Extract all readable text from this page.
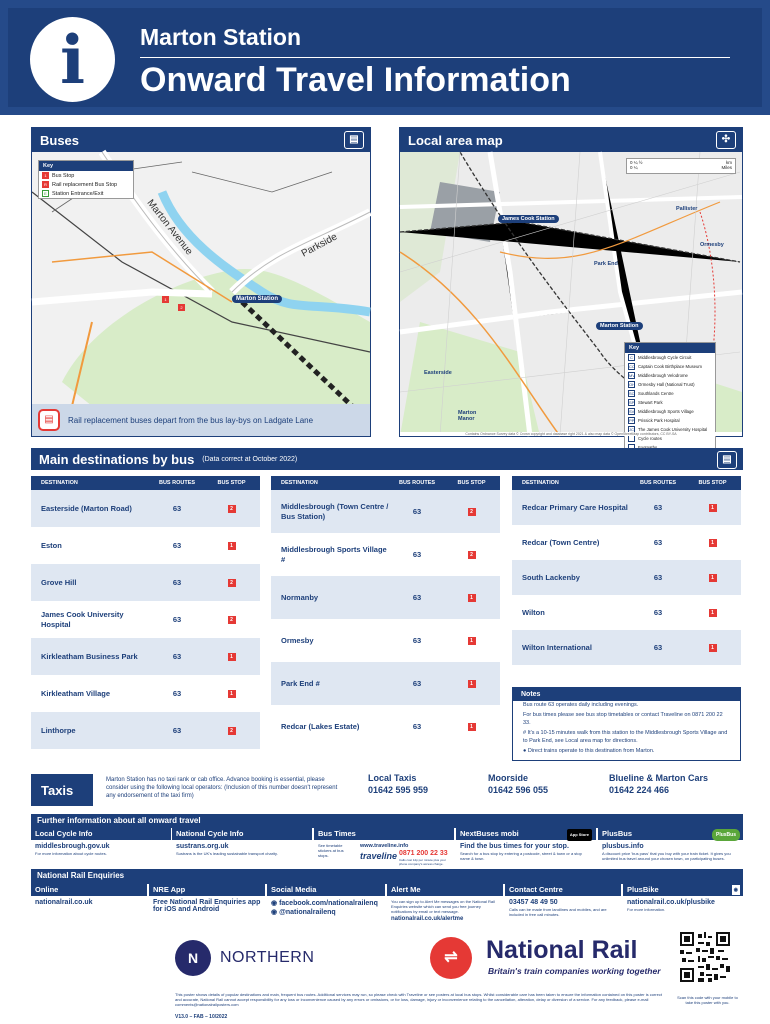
i	Marton Station
Onward Travel Information
Buses	▤
Key
1 Bus Stop
R Rail replacement Bus Stop
E Station Entrance/Exit
Marton Avenue	Parkside
Marton Station
1
2
▤	Rail replacement buses depart from the bus lay-bys on Ladgate Lane
Local area map	✣
0 ¼ ½	km
0 ¼	Miles
James Cook Station
Pallister
Ormesby
Park End
Marton Station
Easterside
Marton Manor
Key
C	Middlesbrough Cycle Circuit
CC Captain Cook Birthplace Museum
MV Middlesbrough Velodrome
OH Ormesby Hall (National Trust)
SC Southlands Centre
SP Stewart Park
SV Middlesbrough Sports Village
PP Prissick Park Hospital
JC The James Cook University Hospital
Cycle routes
Contains Ordnance Survey data © Crown copyright and database right 2021 & also map data © OpenStreetMap contributors, CC BY-SA
Main destinations by bus (Data correct at October 2022)	▤
DESTINATION	BUS ROUTES	BUS STOP
Easterside (Marton Road)	63	2
Eston	63	1
Grove Hill	63	2
James Cook University Hospital	63	2
Kirkleatham Business Park	63	1
Kirkleatham Village	63	1
Linthorpe	63	2
DESTINATION	BUS ROUTES	BUS STOP
Middlesbrough (Town Centre / Bus Station)	63	2
Middlesbrough Sports Village #	63	2
Normanby	63	1
Ormesby	63	1
Park End #	63	1
Redcar (Lakes Estate)	63	1
DESTINATION	BUS ROUTES	BUS STOP
Redcar Primary Care Hospital	63	1
Redcar (Town Centre)	63	1
South Lackenby	63	1
Wilton	63	1
Wilton International	63	1
Notes

Bus route 63 operates daily including evenings.

For bus times please see bus stop timetables or contact Traveline on 0871 200 22 33.

# It's a 10-15 minutes walk from this station to the Middlesbrough Sports Village and to Park End, see Local area map for directions.

● Direct trains operate to this destination from Marton.

Taxis
Marton Station has no taxi rank or cab office. Advance booking is essential, please consider using the following local operators: (Inclusion of this number doesn't represent any endorsement of the taxi firm)
Local Taxis
01642 595 959
Moorside
01642 596 055
Blueline & Marton Cars
01642 224 466
Further information about all onward travel
Local Cycle Info
middlesbrough.gov.uk
For more information about cycle routes.
National Cycle Info
sustrans.org.uk
Sustrans is the UK's leading sustainable transport charity.
Bus Times
See timetable stickers at bus stops.
www.traveline.info
traveline 0871 200 22 33
Calls cost 12p per minute plus your phone company's access charge.
NextBuses mobi	App Store
Find the bus times for your stop.
Search for a bus stop by entering a postcode, street & town or a stop name & town.
PlusBus	PlusBus
plusbus.info
A discount price 'bus pass' that you buy with your train ticket. It gives you unlimited bus travel around your chosen town, on participating buses.
National Rail Enquiries
Online
nationalrail.co.uk
NRE App
Free National Rail Enquiries app for iOS and Android
Social Media
◉ facebook.com/nationalrailenq
◉ @nationalrailenq
Alert Me
You can sign up to Alert Me messages on the National Rail Enquiries website which can send you free journey notifications by email or text message.
nationalrail.co.uk/alertme
Contact Centre
03457 48 49 50
Calls can be made from landlines and mobiles, and are included in free call minutes.
PlusBike	◉
nationalrail.co.uk/plusbike
For more information.
N	NORTHERN	⇌	National Rail
Britain's train companies working together
This poster shows details of popular destinations and main, frequent bus routes. Additional services may run, so please check with Traveline or see posters at local bus stops. Whilst considerable care has been taken to ensure the information contained on this poster is correct and accurate, National Rail cannot accept responsibility for any loss or inconvenience caused by any errors or omissions, or for loss, damage, injury or inconvenience relating to the cancellation, alteration, delay or diversion of a service. For any feedback, please e-mail comments@nationalrailposters.com
Scan this code with your mobile to take this poster with you.
V13.0 – FAB – 10/2022
